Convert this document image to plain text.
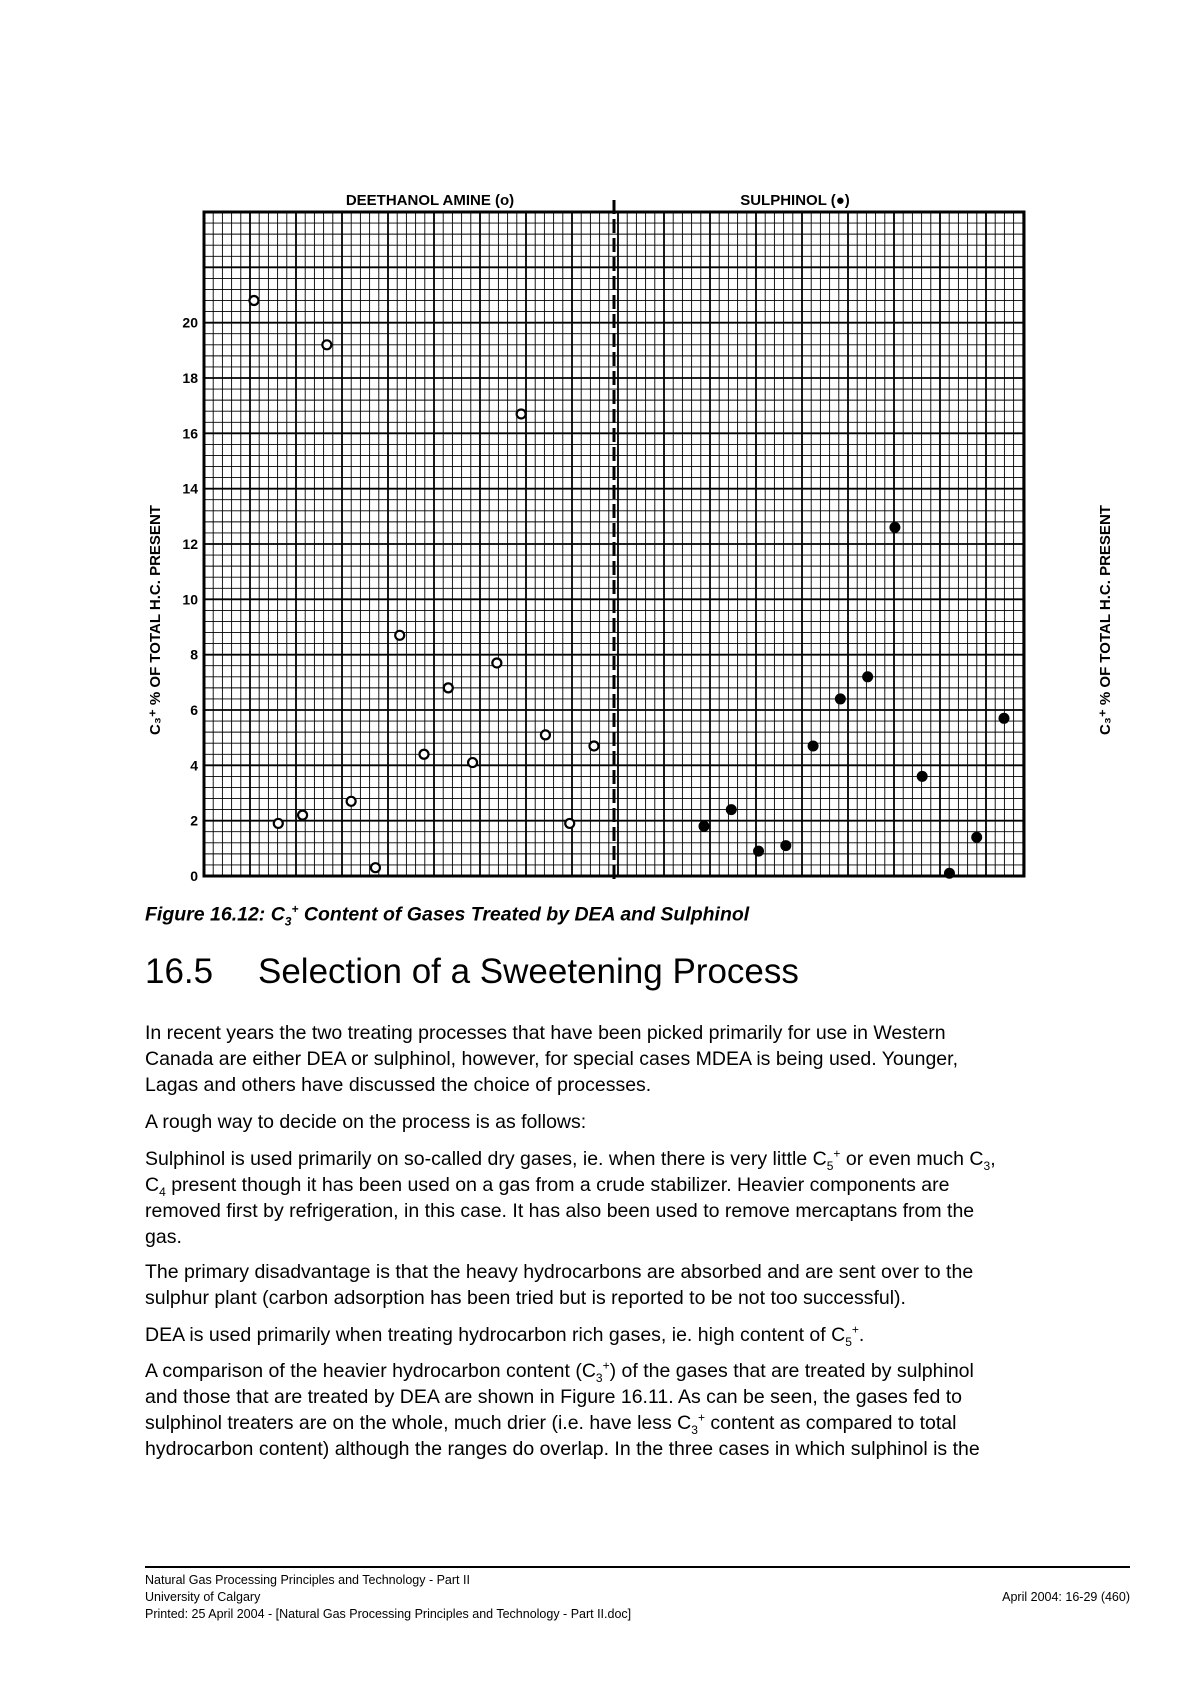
DEETHANOL AMINE (o)	SULPHINOL (●)
0
2
4
6
8
10
12
14
16
18
20
C₃⁺ % OF TOTAL H.C. PRESENT	C₃⁺ % OF TOTAL H.C. PRESENT
Figure 16.12: $C_3^+$ Content of Gases Treated by DEA and Sulphinol
16.5 Selection of a Sweetening Process

In recent years the two treating processes that have been picked primarily for use in Western
Canada are either DEA or sulphinol, however, for special cases MDEA is being used. Younger,
Lagas and others have discussed the choice of processes.

A rough way to decide on the process is as follows:

Sulphinol is used primarily on so-called dry gases, ie. when there is very little $C_5^+$ or even much $C_3$,
$C_4$ present though it has been used on a gas from a crude stabilizer. Heavier components are
removed first by refrigeration, in this case. It has also been used to remove mercaptans from the
gas.

The primary disadvantage is that the heavy hydrocarbons are absorbed and are sent over to the
sulphur plant (carbon adsorption has been tried but is reported to be not too successful).

DEA is used primarily when treating hydrocarbon rich gases, ie. high content of $C_5^+$.

A comparison of the heavier hydrocarbon content $(C_3^+)$ of the gases that are treated by sulphinol
and those that are treated by DEA are shown in Figure 16.11. As can be seen, the gases fed to
sulphinol treaters are on the whole, much drier (i.e. have less $C_3^+$ content as compared to total
hydrocarbon content) although the ranges do overlap. In the three cases in which sulphinol is the

Natural Gas Processing Principles and Technology - Part II
University of Calgary
Printed: 25 April 2004 - [Natural Gas Processing Principles and Technology - Part II.doc]
April 2004: 16-29 (460)
